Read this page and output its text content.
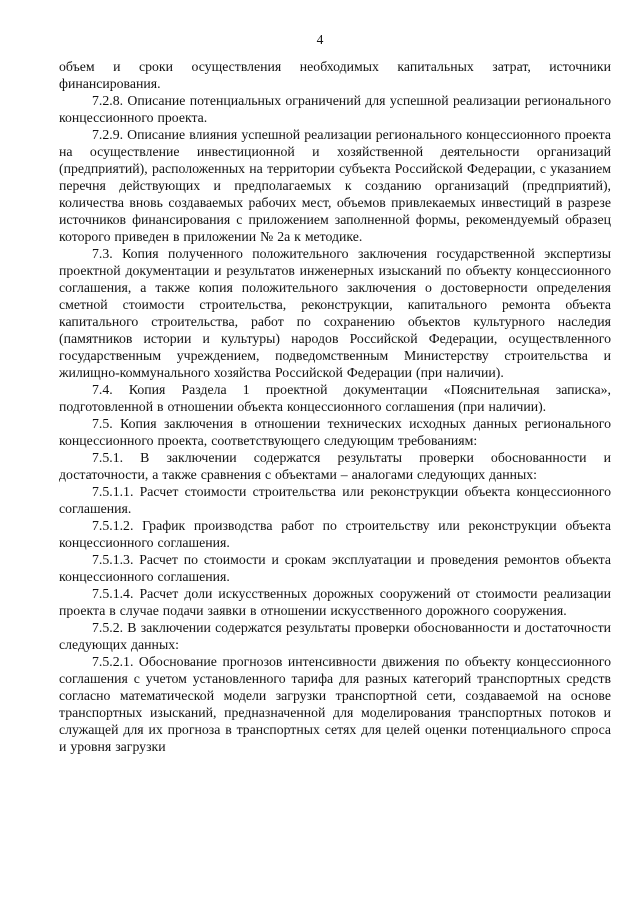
4

объем и сроки осуществления необходимых капитальных затрат, источники финансирования.

7.2.8. Описание потенциальных ограничений для успешной реализации регионального концессионного проекта.

7.2.9. Описание влияния успешной реализации регионального концессионного проекта на осуществление инвестиционной и хозяйственной деятельности организаций (предприятий), расположенных на территории субъекта Российской Федерации, с указанием перечня действующих и предполагаемых к созданию организаций (предприятий), количества вновь создаваемых рабочих мест, объемов привлекаемых инвестиций в разрезе источников финансирования с приложением заполненной формы, рекомендуемый образец которого приведен в приложении № 2а к методике.

7.3. Копия полученного положительного заключения государственной экспертизы проектной документации и результатов инженерных изысканий по объекту концессионного соглашения, а также копия положительного заключения о достоверности определения сметной стоимости строительства, реконструкции, капитального ремонта объекта капитального строительства, работ по сохранению объектов культурного наследия (памятников истории и культуры) народов Российской Федерации, осуществленного государственным учреждением, подведомственным Министерству строительства и жилищно-коммунального хозяйства Российской Федерации (при наличии).

7.4. Копия Раздела 1 проектной документации «Пояснительная записка», подготовленной в отношении объекта концессионного соглашения (при наличии).

7.5. Копия заключения в отношении технических исходных данных регионального концессионного проекта, соответствующего следующим требованиям:

7.5.1. В заключении содержатся результаты проверки обоснованности и достаточности, а также сравнения с объектами – аналогами следующих данных:

7.5.1.1. Расчет стоимости строительства или реконструкции объекта концессионного соглашения.

7.5.1.2. График производства работ по строительству или реконструкции объекта концессионного соглашения.

7.5.1.3. Расчет по стоимости и срокам эксплуатации и проведения ремонтов объекта концессионного соглашения.

7.5.1.4. Расчет доли искусственных дорожных сооружений от стоимости реализации проекта в случае подачи заявки в отношении искусственного дорожного сооружения.

7.5.2. В заключении содержатся результаты проверки обоснованности и достаточности следующих данных:

7.5.2.1. Обоснование прогнозов интенсивности движения по объекту концессионного соглашения с учетом установленного тарифа для разных категорий транспортных средств согласно математической модели загрузки транспортной сети, создаваемой на основе транспортных изысканий, предназначенной для моделирования транспортных потоков и служащей для их прогноза в транспортных сетях для целей оценки потенциального спроса и уровня загрузки
